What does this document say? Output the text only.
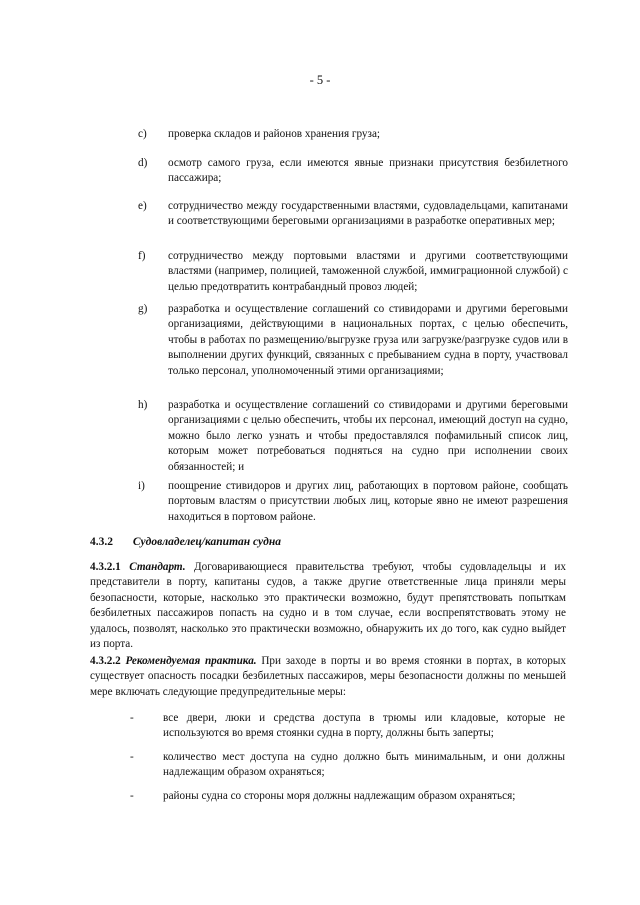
- 5 -
c)	проверка складов и районов хранения груза;
d)	осмотр самого груза, если имеются явные признаки присутствия безбилетного пассажира;
e)	сотрудничество между государственными властями, судовладельцами, капитанами и соответствующими береговыми организациями в разработке оперативных мер;
f)	сотрудничество между портовыми властями и другими соответствующими властями (например, полицией, таможенной службой, иммиграционной службой) с целью предотвратить контрабандный провоз людей;
g)	разработка и осуществление соглашений со стивидорами и другими береговыми организациями, действующими в национальных портах, с целью обеспечить, чтобы в работах по размещению/выгрузке груза или загрузке/разгрузке судов или в выполнении других функций, связанных с пребыванием судна в порту, участвовал только персонал, уполномоченный этими организациями;
h)	разработка и осуществление соглашений со стивидорами и другими береговыми организациями с целью обеспечить, чтобы их персонал, имеющий доступ на судно, можно было легко узнать и чтобы предоставлялся пофамильный список лиц, которым может потребоваться подняться на судно при исполнении своих обязанностей; и
i)	поощрение стивидоров и других лиц, работающих в портовом районе, сообщать портовым властям о присутствии любых лиц, которые явно не имеют разрешения находиться в портовом районе.
4.3.2 Судовладелец/капитан судна
4.3.2.1 Стандарт. Договаривающиеся правительства требуют, чтобы судовладельцы и их представители в порту, капитаны судов, а также другие ответственные лица приняли меры безопасности, которые, насколько это практически возможно, будут препятствовать попыткам безбилетных пассажиров попасть на судно и в том случае, если воспрепятствовать этому не удалось, позволят, насколько это практически возможно, обнаружить их до того, как судно выйдет из порта.
4.3.2.2 Рекомендуемая практика. При заходе в порты и во время стоянки в портах, в которых существует опасность посадки безбилетных пассажиров, меры безопасности должны по меньшей мере включать следующие предупредительные меры:
-	все двери, люки и средства доступа в трюмы или кладовые, которые не используются во время стоянки судна в порту, должны быть заперты;
-	количество мест доступа на судно должно быть минимальным, и они должны надлежащим образом охраняться;
-	районы судна со стороны моря должны надлежащим образом охраняться;
